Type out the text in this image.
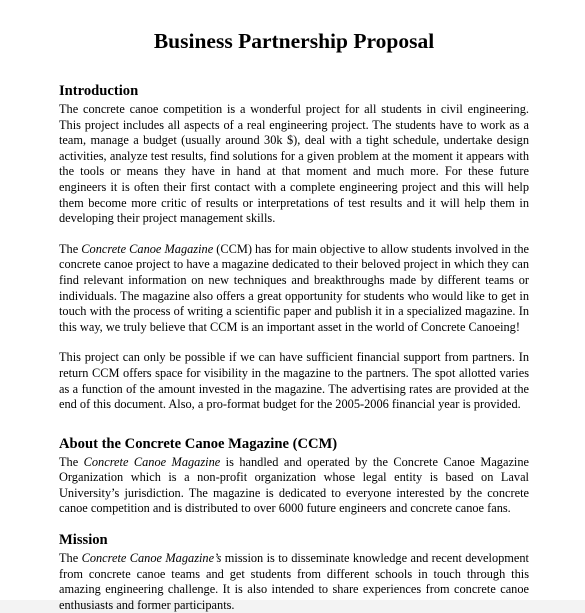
Business Partnership Proposal
Introduction

The concrete canoe competition is a wonderful project for all students in civil engineering. This project includes all aspects of a real engineering project. The students have to work as a team, manage a budget (usually around 30k $), deal with a tight schedule, undertake design activities, analyze test results, find solutions for a given problem at the moment it appears with the tools or means they have in hand at that moment and much more. For these future engineers it is often their first contact with a complete engineering project and this will help them become more critic of results or interpretations of test results and it will help them in developing their project management skills.

The Concrete Canoe Magazine (CCM) has for main objective to allow students involved in the concrete canoe project to have a magazine dedicated to their beloved project in which they can find relevant information on new techniques and breakthroughs made by different teams or individuals. The magazine also offers a great opportunity for students who would like to get in touch with the process of writing a scientific paper and publish it in a specialized magazine. In this way, we truly believe that CCM is an important asset in the world of Concrete Canoeing!

This project can only be possible if we can have sufficient financial support from partners. In return CCM offers space for visibility in the magazine to the partners. The spot allotted varies as a function of the amount invested in the magazine. The advertising rates are provided at the end of this document. Also, a pro-format budget for the 2005-2006 financial year is provided.

About the Concrete Canoe Magazine (CCM)

The Concrete Canoe Magazine is handled and operated by the Concrete Canoe Magazine Organization which is a non-profit organization whose legal entity is based on Laval University’s jurisdiction. The magazine is dedicated to everyone interested by the concrete canoe competition and is distributed to over 6000 future engineers and concrete canoe fans.

Mission

The Concrete Canoe Magazine’s mission is to disseminate knowledge and recent development from concrete canoe teams and get students from different schools in touch through this amazing engineering challenge. It is also intended to share experiences from concrete canoe enthusiasts and former participants.
